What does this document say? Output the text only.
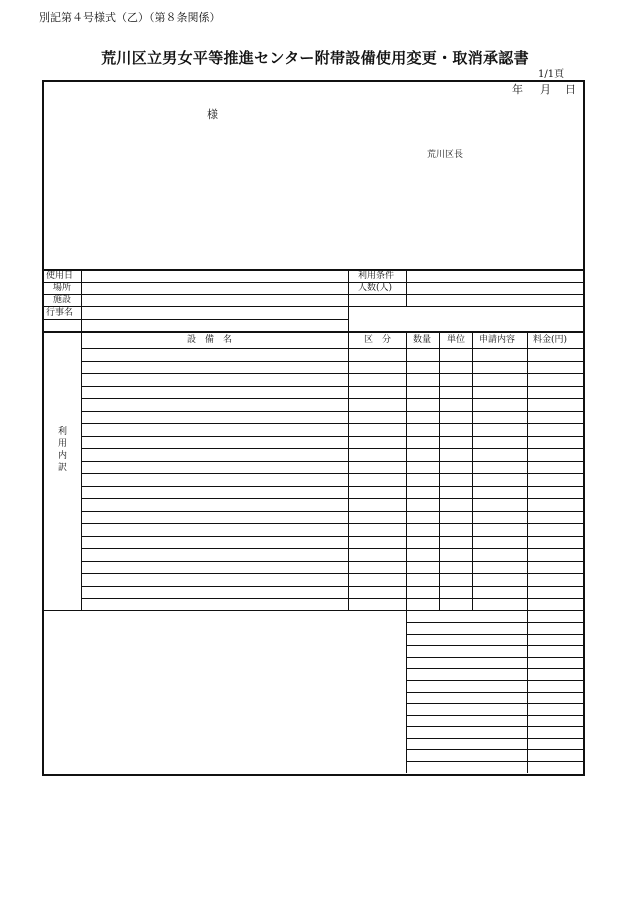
別記第４号様式（乙）（第８条関係）
荒川区立男女平等推進センター附帯設備使用変更・取消承認書
1/1頁
年 月 日
様
荒川区長
使用日
場所
施設
行事名
利用条件
人数(人)
設　備　名	区　分 数量 単位 申請内容 料金(円)
利
用
内
訳
